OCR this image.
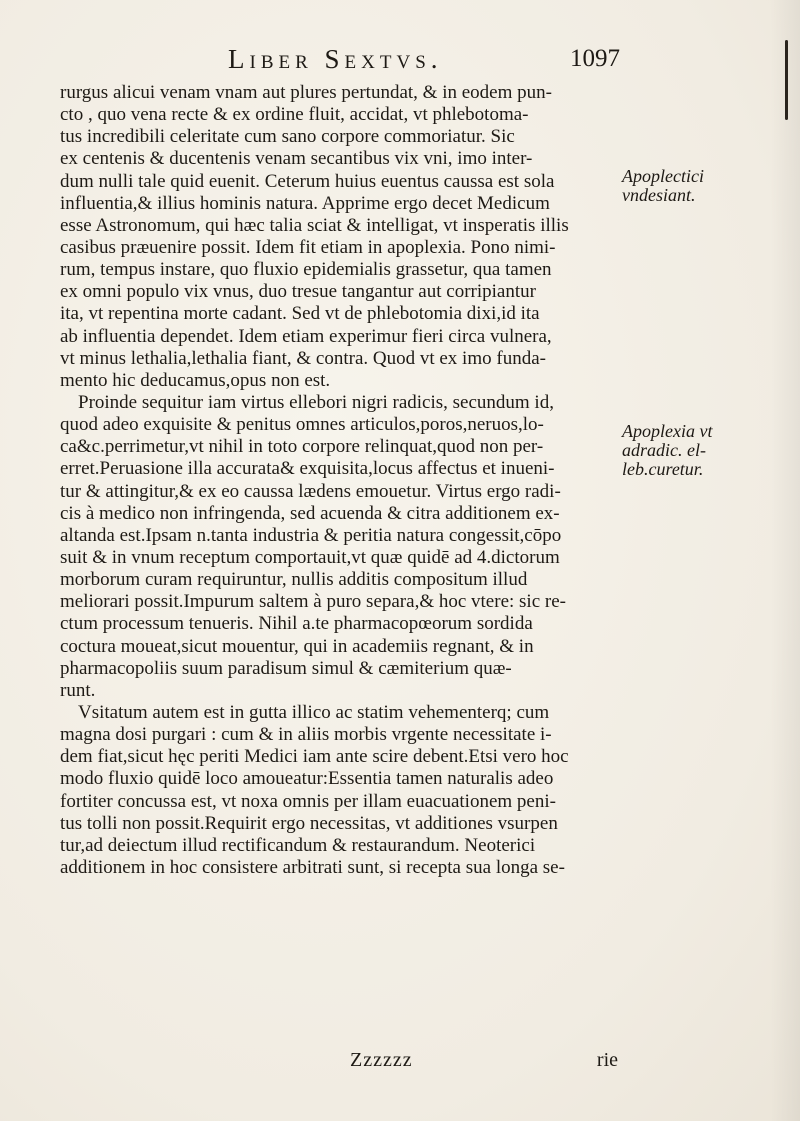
Liber Sextvs.	1097
rurgus alicui venam vnam aut plures pertundat, & in eodem pun-
cto , quo vena recte & ex ordine fluit, accidat, vt phlebotoma-
tus incredibili celeritate cum sano corpore commoriatur. Sic
ex centenis & ducentenis venam secantibus vix vni, imo inter-
dum nulli tale quid euenit. Ceterum huius euentus caussa est sola
influentia,& illius hominis natura. Apprime ergo decet Medicum
esse Astronomum, qui hæc talia sciat & intelligat, vt insperatis illis
casibus præuenire possit. Idem fit etiam in apoplexia. Pono nimi-
rum, tempus instare, quo fluxio epidemialis grassetur, qua tamen
ex omni populo vix vnus, duo tresue tangantur aut corripiantur
ita, vt repentina morte cadant. Sed vt de phlebotomia dixi,id ita
ab influentia dependet. Idem etiam experimur fieri circa vulnera,
vt minus lethalia,lethalia fiant, & contra. Quod vt ex imo funda-
mento hic deducamus,opus non est.
Proinde sequitur iam virtus ellebori nigri radicis, secundum id,
quod adeo exquisite & penitus omnes articulos,poros,neruos,lo-
ca&c.perrimetur,vt nihil in toto corpore relinquat,quod non per-
erret.Peruasione illa accurata& exquisita,locus affectus et inueni-
tur & attingitur,& ex eo caussa lædens emouetur. Virtus ergo radi-
cis à medico non infringenda, sed acuenda & citra additionem ex-
altanda est.Ipsam n.tanta industria & peritia natura congessit,cōpo
suit & in vnum receptum comportauit,vt quæ quidē ad 4.dictorum
morborum curam requiruntur, nullis additis compositum illud
meliorari possit.Impurum saltem à puro separa,& hoc vtere: sic re-
ctum processum tenueris. Nihil a.te pharmacopœorum sordida
coctura moueat,sicut mouentur, qui in academiis regnant, & in
pharmacopoliis suum paradisum simul & cæmiterium quæ-
runt.
Vsitatum autem est in gutta illico ac statim vehementerq; cum
magna dosi purgari : cum & in aliis morbis vrgente necessitate i-
dem fiat,sicut hęc periti Medici iam ante scire debent.Etsi vero hoc
modo fluxio quidē loco amoueatur:Essentia tamen naturalis adeo
fortiter concussa est, vt noxa omnis per illam euacuationem peni-
tus tolli non possit.Requirit ergo necessitas, vt additiones vsurpen
tur,ad deiectum illud rectificandum & restaurandum. Neoterici
additionem in hoc consistere arbitrati sunt, si recepta sua longa se-
Apoplectici
vndesiant.
Apoplexia vt
adradic. el-
leb.curetur.
Zzzzzz	rie
